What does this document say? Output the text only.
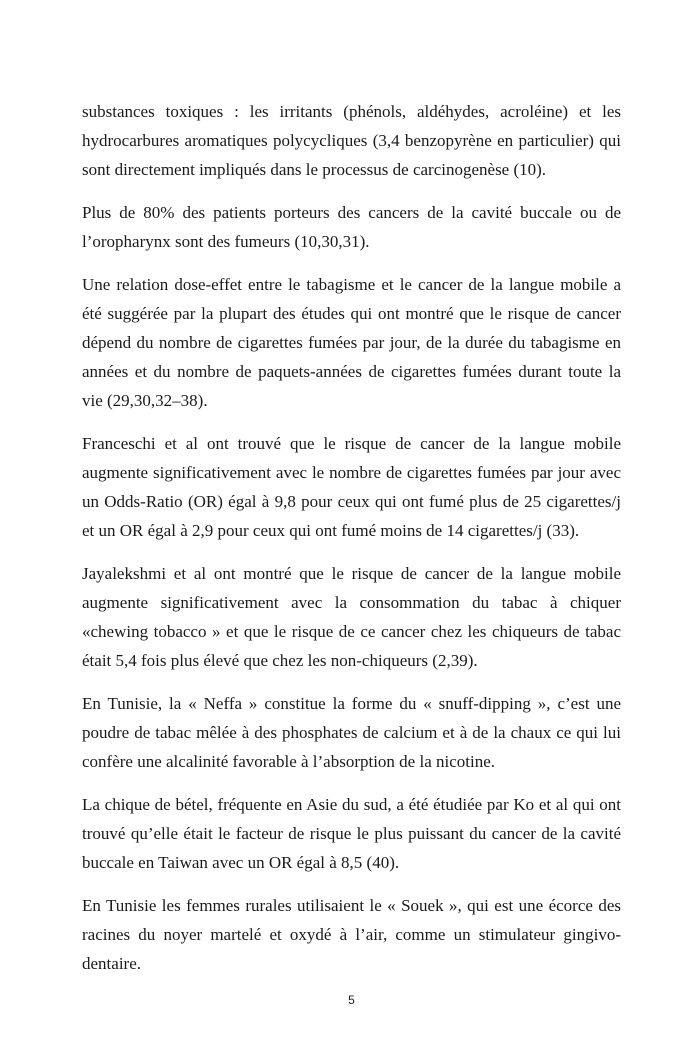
substances toxiques : les irritants (phénols, aldéhydes, acroléine) et les hydrocarbures aromatiques polycycliques (3,4 benzopyrène en particulier) qui sont directement impliqués dans le processus de carcinogenèse (10).

Plus de 80% des patients porteurs des cancers de la cavité buccale ou de l’oropharynx sont des fumeurs (10,30,31).

Une relation dose-effet entre le tabagisme et le cancer de la langue mobile a été suggérée par la plupart des études qui ont montré que le risque de cancer dépend du nombre de cigarettes fumées par jour, de la durée du tabagisme en années et du nombre de paquets-années de cigarettes fumées durant toute la vie (29,30,32–38).

Franceschi et al ont trouvé que le risque de cancer de la langue mobile augmente significativement avec le nombre de cigarettes fumées par jour avec un Odds-Ratio (OR) égal à 9,8 pour ceux qui ont fumé plus de 25 cigarettes/j et un OR égal à 2,9 pour ceux qui ont fumé moins de 14 cigarettes/j (33).

Jayalekshmi et al ont montré que le risque de cancer de la langue mobile augmente significativement avec la consommation du tabac à chiquer «chewing tobacco » et que le risque de ce cancer chez les chiqueurs de tabac était 5,4 fois plus élevé que chez les non-chiqueurs (2,39).

En Tunisie, la « Neffa » constitue la forme du « snuff-dipping », c’est une poudre de tabac mêlée à des phosphates de calcium et à de la chaux ce qui lui confère une alcalinité favorable à l’absorption de la nicotine.

La chique de bétel, fréquente en Asie du sud, a été étudiée par Ko et al qui ont trouvé qu’elle était le facteur de risque le plus puissant du cancer de la cavité buccale en Taiwan avec un OR égal à 8,5 (40).

En Tunisie les femmes rurales utilisaient le « Souek », qui est une écorce des racines du noyer martelé et oxydé à l’air, comme un stimulateur gingivo-dentaire.

5
